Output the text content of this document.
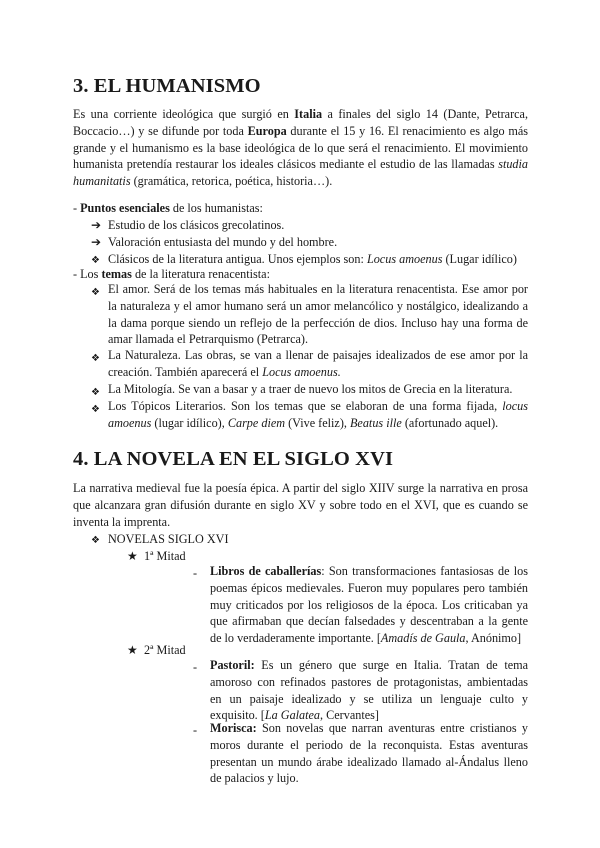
3. EL HUMANISMO

Es una corriente ideológica que surgió en Italia a finales del siglo 14 (Dante, Petrarca, Boccacio…) y se difunde por toda Europa durante el 15 y 16. El renacimiento es algo más grande y el humanismo es la base ideológica de lo que será el renacimiento. El movimiento humanista pretendía restaurar los ideales clásicos mediante el estudio de las llamadas studia humanitatis (gramática, retorica, poética, historia…).

- Puntos esenciales de los humanistas:
➔ Estudio de los clásicos grecolatinos.
➔ Valoración entusiasta del mundo y del hombre.
❖ Clásicos de la literatura antigua. Unos ejemplos son: Locus amoenus (Lugar idílico)
- Los temas de la literatura renacentista:
❖ El amor. Será de los temas más habituales en la literatura renacentista. Ese amor por la naturaleza y el amor humano será un amor melancólico y nostálgico, idealizando a la dama porque siendo un reflejo de la perfección de dios. Incluso hay una forma de amar llamada el Petrarquismo (Petrarca).

❖ La Naturaleza. Las obras, se van a llenar de paisajes idealizados de ese amor por la creación. También aparecerá el Locus amoenus.

❖ La Mitología. Se van a basar y a traer de nuevo los mitos de Grecia en la literatura.

❖ Los Tópicos Literarios. Son los temas que se elaboran de una forma fijada, locus amoenus (lugar idílico), Carpe diem (Vive feliz), Beatus ille (afortunado aquel).

4. LA NOVELA EN EL SIGLO XVI

La narrativa medieval fue la poesía épica. A partir del siglo XIIV surge la narrativa en prosa que alcanzara gran difusión durante en siglo XV y sobre todo en el XVI, que es cuando se inventa la imprenta.

❖ NOVELAS SIGLO XVI
★ 1ª Mitad
- Libros de caballerías: Son transformaciones fantasiosas de los poemas épicos medievales. Fueron muy populares pero también muy criticados por los religiosos de la época. Los criticaban ya que afirmaban que decían falsedades y descentraban a la gente de lo verdaderamente importante. [Amadís de Gaula, Anónimo]

★ 2ª Mitad
- Pastoril: Es un género que surge en Italia. Tratan de tema amoroso con refinados pastores de protagonistas, ambientadas en un paisaje idealizado y se utiliza un lenguaje culto y exquisito. [La Galatea, Cervantes]

- Morisca: Son novelas que narran aventuras entre cristianos y moros durante el periodo de la reconquista. Estas aventuras presentan un mundo árabe idealizado llamado al-Ándalus lleno de palacios y lujo.
